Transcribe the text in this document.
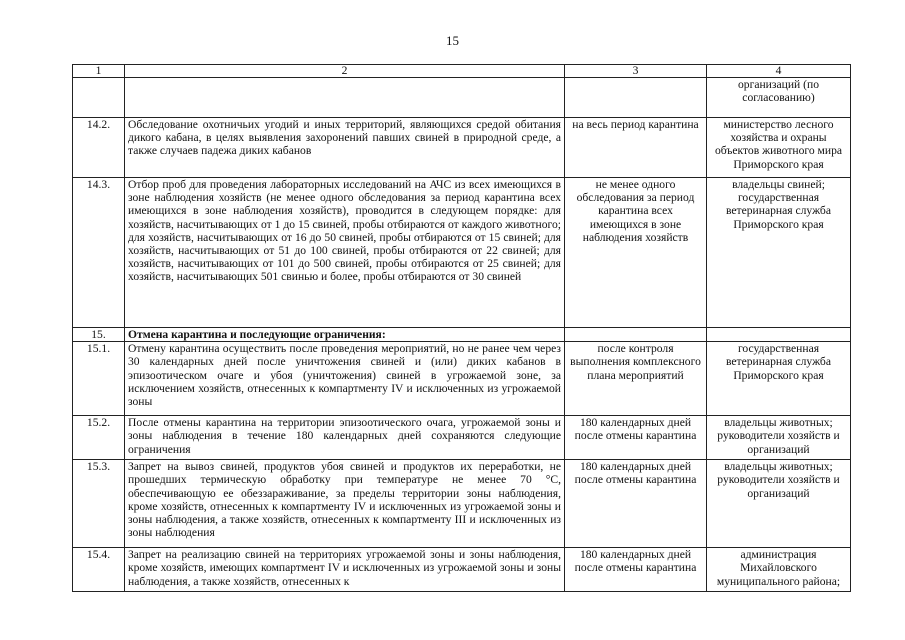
15
1	2	3	4
			организаций (по согласованию)
14.2.	Обследование охотничьих угодий и иных территорий, являющихся средой обитания дикого кабана, в целях выявления захоронений павших свиней в природной среде, а также случаев падежа диких кабанов	на весь период карантина	министерство лесного хозяйства и охраны объектов животного мира Приморского края
14.3.	Отбор проб для проведения лабораторных исследований на АЧС из всех имеющихся в зоне наблюдения хозяйств (не менее одного обследования за период карантина всех имеющихся в зоне наблюдения хозяйств), проводится в следующем порядке: для хозяйств, насчитывающих от 1 до 15 свиней, пробы отбираются от каждого животного; для хозяйств, насчитывающих от 16 до 50 свиней, пробы отбираются от 15 свиней; для хозяйств, насчитывающих от 51 до 100 свиней, пробы отбираются от 22 свиней; для хозяйств, насчитывающих от 101 до 500 свиней, пробы отбираются от 25 свиней; для хозяйств, насчитывающих 501 свинью и более, пробы отбираются от 30 свиней	не менее одного обследования за период карантина всех имеющихся в зоне наблюдения хозяйств	владельцы свиней; государственная ветеринарная служба Приморского края
15.	Отмена карантина и последующие ограничения:		
15.1.	Отмену карантина осуществить после проведения мероприятий, но не ранее чем через 30 календарных дней после уничтожения свиней и (или) диких кабанов в эпизоотическом очаге и убоя (уничтожения) свиней в угрожаемой зоне, за исключением хозяйств, отнесенных к компартменту IV и исключенных из угрожаемой зоны	после контроля выполнения комплексного плана мероприятий	государственная ветеринарная служба Приморского края
15.2.	После отмены карантина на территории эпизоотического очага, угрожаемой зоны и зоны наблюдения в течение 180 календарных дней сохраняются следующие ограничения	180 календарных дней после отмены карантина	владельцы животных; руководители хозяйств и организаций
15.3.	Запрет на вывоз свиней, продуктов убоя свиней и продуктов их переработки, не прошедших термическую обработку при температуре не менее 70 °С, обеспечивающую ее обеззараживание, за пределы территории зоны наблюдения, кроме хозяйств, отнесенных к компартменту IV и исключенных из угрожаемой зоны и зоны наблюдения, а также хозяйств, отнесенных к компартменту III и исключенных из зоны наблюдения	180 календарных дней после отмены карантина	владельцы животных; руководители хозяйств и организаций
15.4.	Запрет на реализацию свиней на территориях угрожаемой зоны и зоны наблюдения, кроме хозяйств, имеющих компартмент IV и исключенных из угрожаемой зоны и зоны наблюдения, а также хозяйств, отнесенных к	180 календарных дней после отмены карантина	администрация Михайловского муниципального района;
